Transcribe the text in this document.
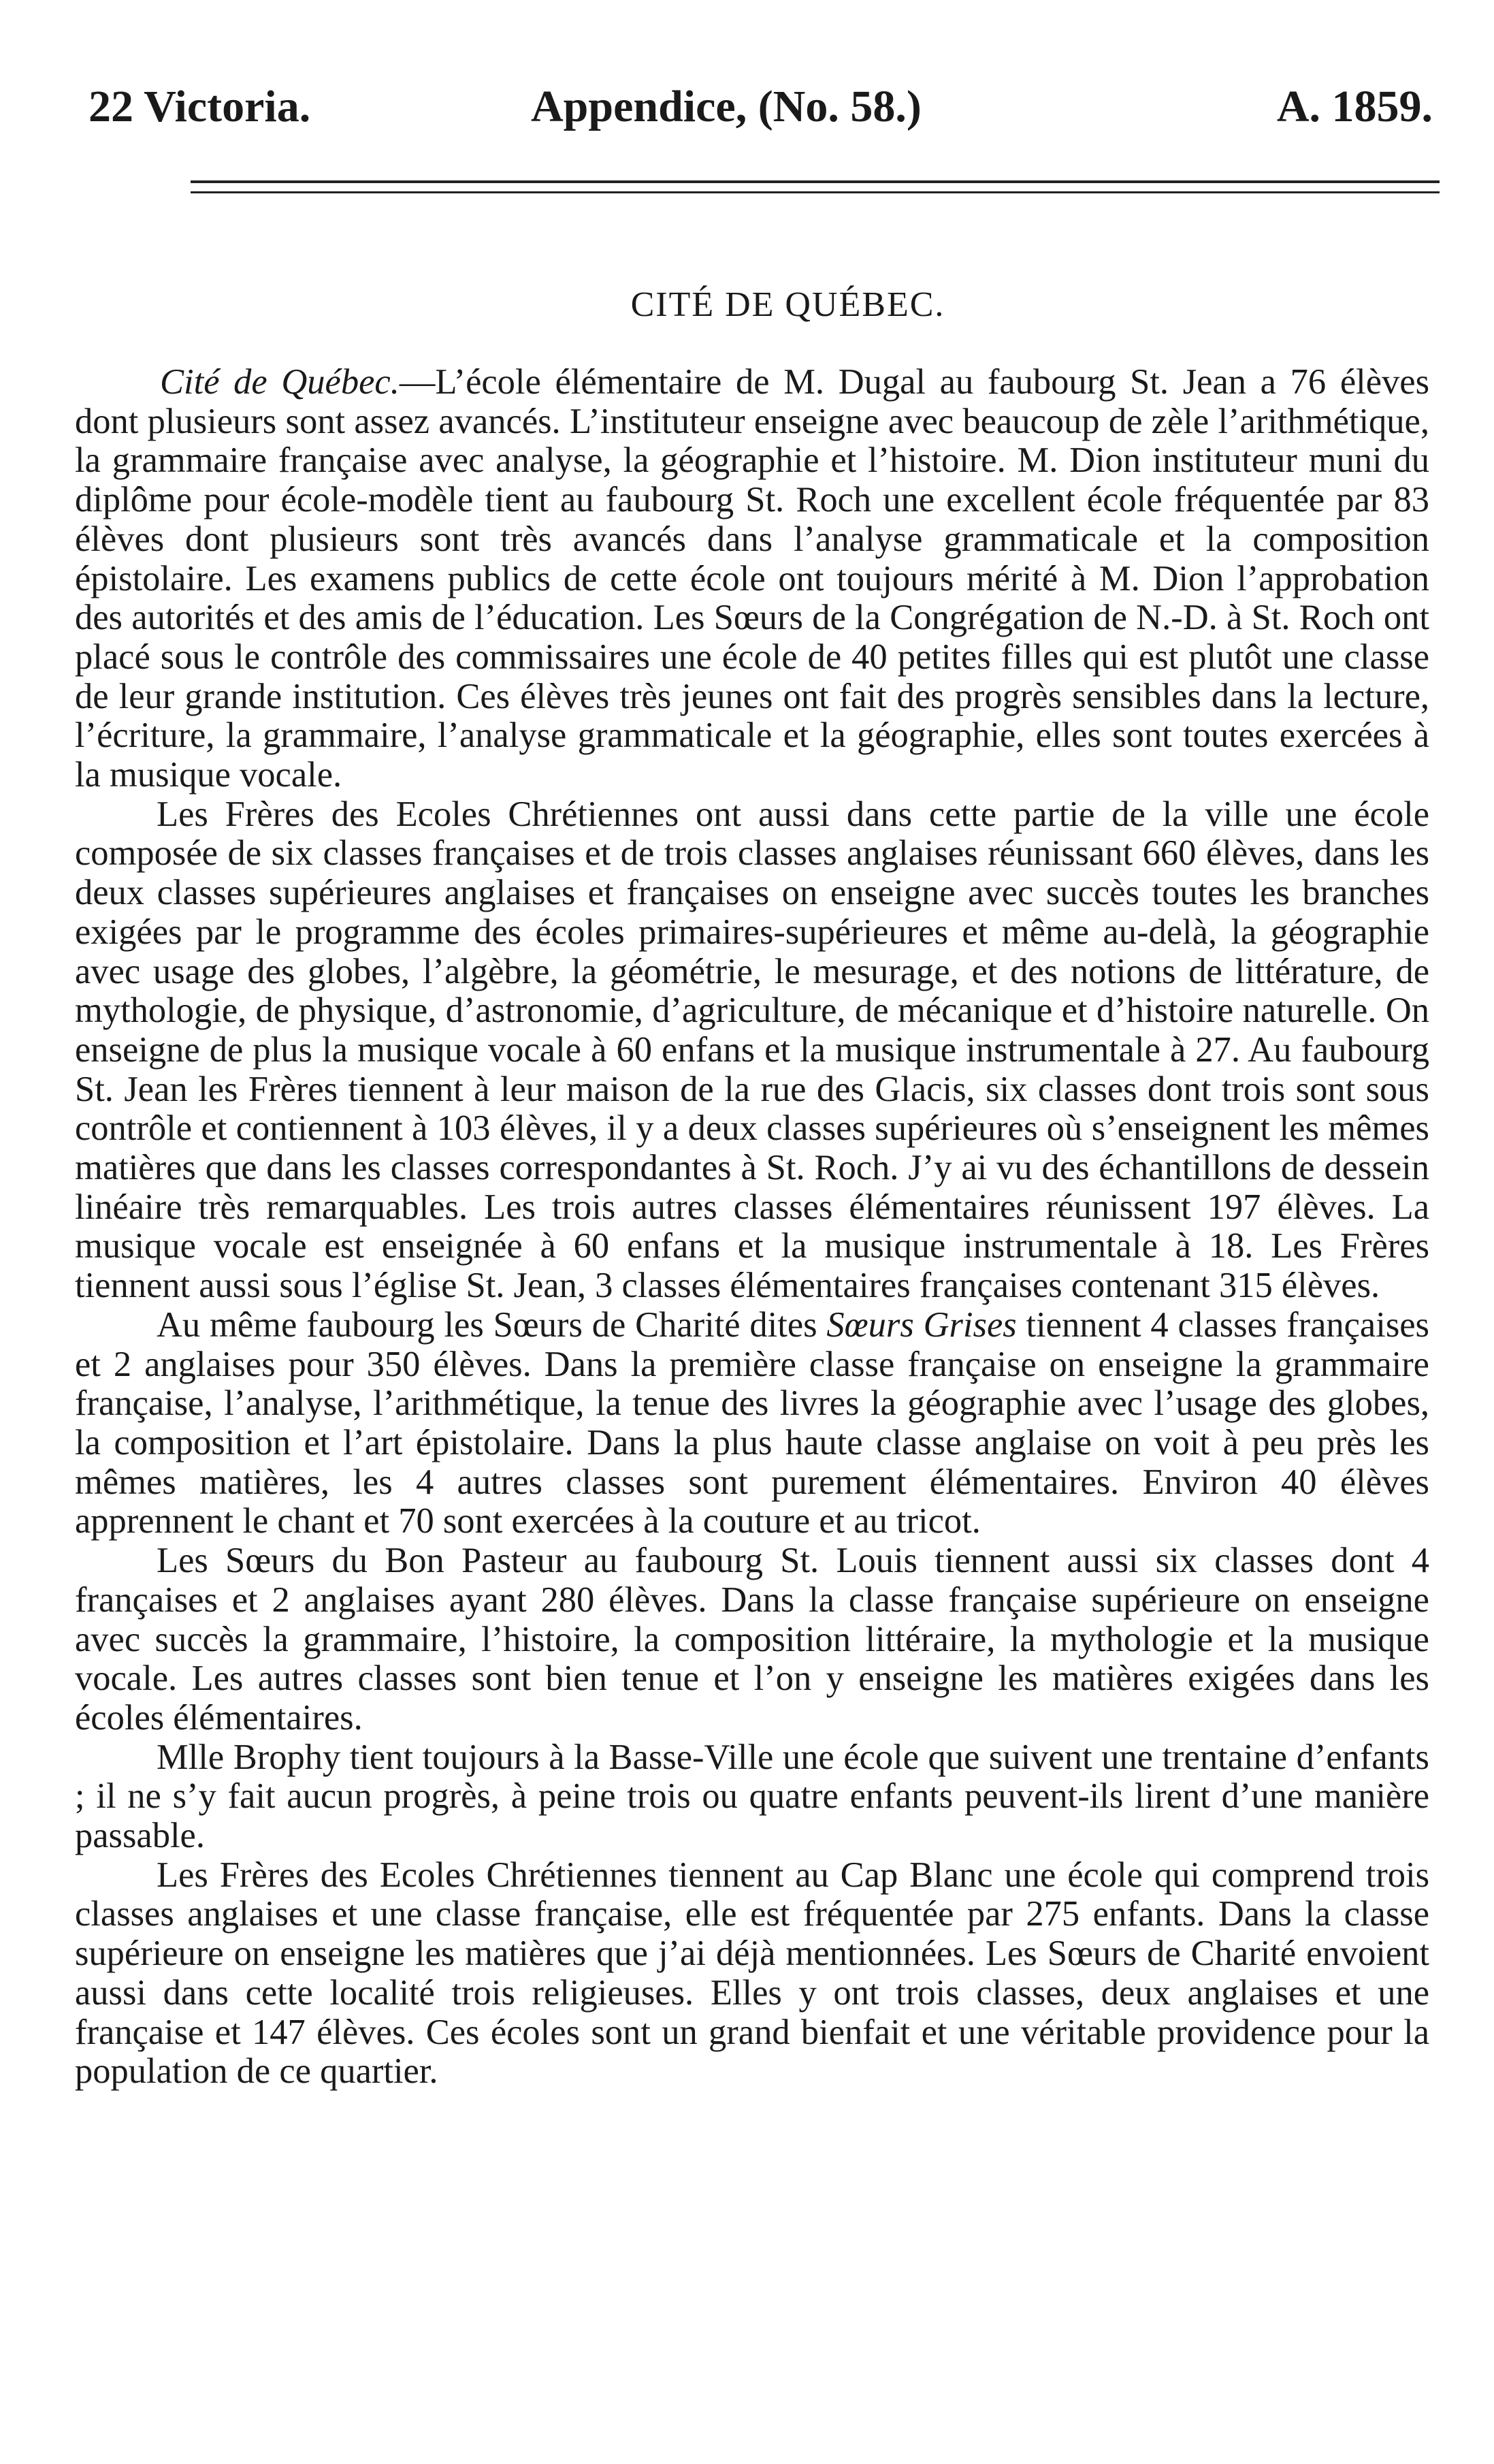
22 Victoria.	Appendice, (No. 58.)	A. 1859.
CITÉ DE QUÉBEC.

Cité de Québec.—L’école élémentaire de M. Dugal au faubourg St. Jean a 76 élèves dont plusieurs sont assez avancés. L’instituteur enseigne avec beaucoup de zèle l’arithmétique, la grammaire française avec analyse, la géographie et l’histoire. M. Dion instituteur muni du diplôme pour école-modèle tient au faubourg St. Roch une excellent école fréquentée par 83 élèves dont plusieurs sont très avancés dans l’analyse grammaticale et la composition épistolaire. Les examens publics de cette école ont toujours mérité à M. Dion l’approbation des autorités et des amis de l’éducation. Les Sœurs de la Congrégation de N.-D. à St. Roch ont placé sous le contrôle des commissaires une école de 40 petites filles qui est plutôt une classe de leur grande institution. Ces élèves très jeunes ont fait des progrès sensibles dans la lecture, l’écriture, la grammaire, l’analyse grammaticale et la géographie, elles sont toutes exercées à la musique vocale.

Les Frères des Ecoles Chrétiennes ont aussi dans cette partie de la ville une école composée de six classes françaises et de trois classes anglaises réunissant 660 élèves, dans les deux classes supérieures anglaises et françaises on enseigne avec succès toutes les branches exigées par le programme des écoles primaires-supérieures et même au-delà, la géographie avec usage des globes, l’algèbre, la géométrie, le mesurage, et des notions de littérature, de mythologie, de physique, d’astronomie, d’agriculture, de mécanique et d’histoire naturelle. On enseigne de plus la musique vocale à 60 enfans et la musique instrumentale à 27. Au faubourg St. Jean les Frères tiennent à leur maison de la rue des Glacis, six classes dont trois sont sous contrôle et contiennent à 103 élèves, il y a deux classes supérieures où s’enseignent les mêmes matières que dans les classes correspondantes à St. Roch. J’y ai vu des échantillons de dessein linéaire très remarquables. Les trois autres classes élémentaires réunissent 197 élèves. La musique vocale est enseignée à 60 enfans et la musique instrumentale à 18. Les Frères tiennent aussi sous l’église St. Jean, 3 classes élémentaires françaises contenant 315 élèves.

Au même faubourg les Sœurs de Charité dites Sœurs Grises tiennent 4 classes françaises et 2 anglaises pour 350 élèves. Dans la première classe française on enseigne la grammaire française, l’analyse, l’arithmétique, la tenue des livres la géographie avec l’usage des globes, la composition et l’art épistolaire. Dans la plus haute classe anglaise on voit à peu près les mêmes matières, les 4 autres classes sont purement élémentaires. Environ 40 élèves apprennent le chant et 70 sont exercées à la couture et au tricot.

Les Sœurs du Bon Pasteur au faubourg St. Louis tiennent aussi six classes dont 4 françaises et 2 anglaises ayant 280 élèves. Dans la classe française supérieure on enseigne avec succès la grammaire, l’histoire, la composition littéraire, la mythologie et la musique vocale. Les autres classes sont bien tenue et l’on y enseigne les matières exigées dans les écoles élémentaires.

Mlle Brophy tient toujours à la Basse-Ville une école que suivent une trentaine d’enfants ; il ne s’y fait aucun progrès, à peine trois ou quatre enfants peuvent-ils lirent d’une manière passable.

Les Frères des Ecoles Chrétiennes tiennent au Cap Blanc une école qui comprend trois classes anglaises et une classe française, elle est fréquentée par 275 enfants. Dans la classe supérieure on enseigne les matières que j’ai déjà mentionnées. Les Sœurs de Charité envoient aussi dans cette localité trois religieuses. Elles y ont trois classes, deux anglaises et une française et 147 élèves. Ces écoles sont un grand bienfait et une véritable providence pour la population de ce quartier.
